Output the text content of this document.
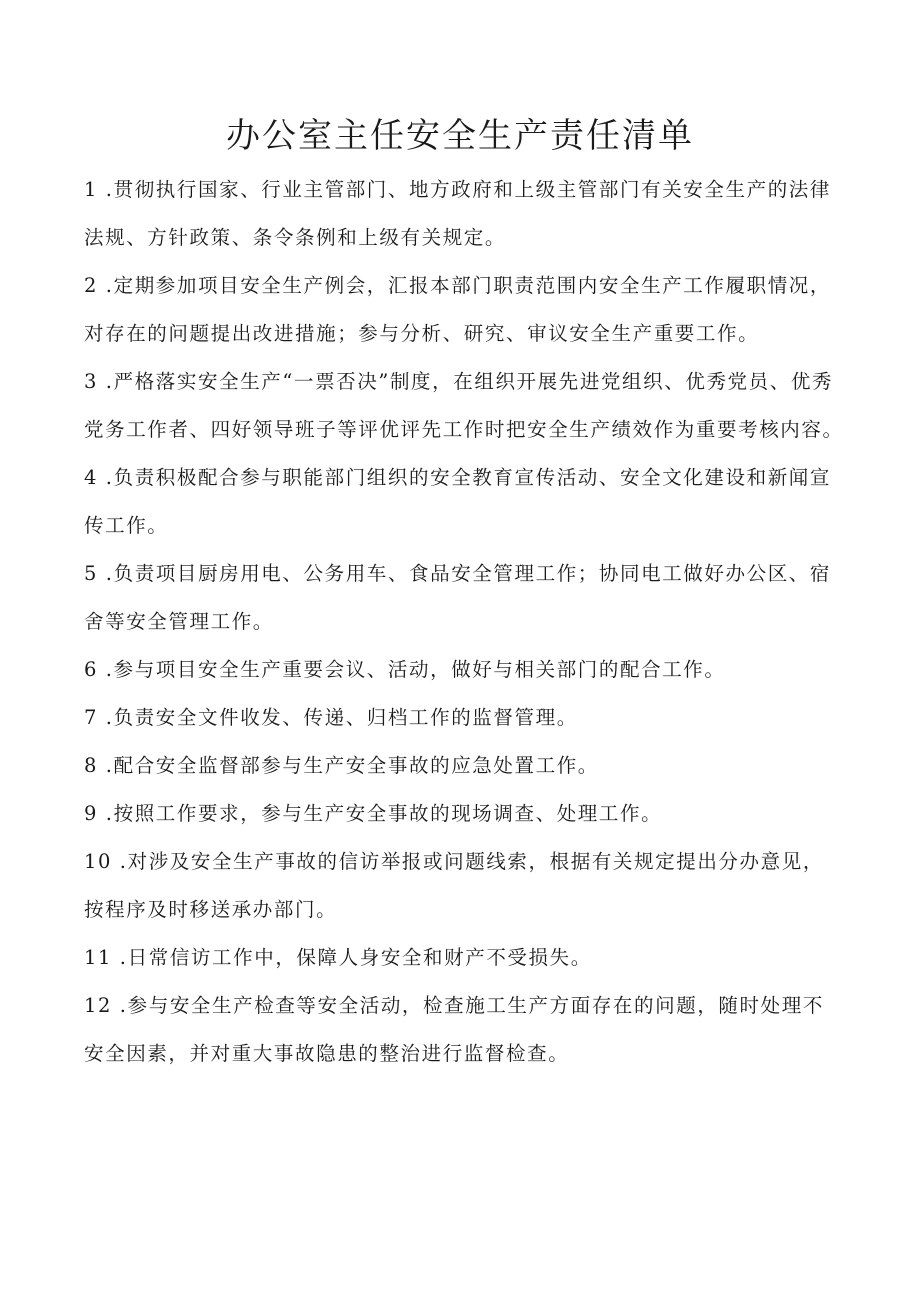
办公室主任安全生产责任清单
1 .贯彻执行国家、行业主管部门、地方政府和上级主管部门有关安全生产的法律法规、方针政策、条令条例和上级有关规定。
2 .定期参加项目安全生产例会，汇报本部门职责范围内安全生产工作履职情况，对存在的问题提出改进措施；参与分析、研究、审议安全生产重要工作。
3 .严格落实安全生产“一票否决”制度，在组织开展先进党组织、优秀党员、优秀党务工作者、四好领导班子等评优评先工作时把安全生产绩效作为重要考核内容。
4 .负责积极配合参与职能部门组织的安全教育宣传活动、安全文化建设和新闻宣传工作。
5 .负责项目厨房用电、公务用车、食品安全管理工作；协同电工做好办公区、宿舍等安全管理工作。
6 .参与项目安全生产重要会议、活动，做好与相关部门的配合工作。
7 .负责安全文件收发、传递、归档工作的监督管理。
8 .配合安全监督部参与生产安全事故的应急处置工作。
9 .按照工作要求，参与生产安全事故的现场调查、处理工作。
10 .对涉及安全生产事故的信访举报或问题线索，根据有关规定提出分办意见，按程序及时移送承办部门。
11 .日常信访工作中，保障人身安全和财产不受损失。
12 .参与安全生产检查等安全活动，检查施工生产方面存在的问题，随时处理不安全因素，并对重大事故隐患的整治进行监督检查。
